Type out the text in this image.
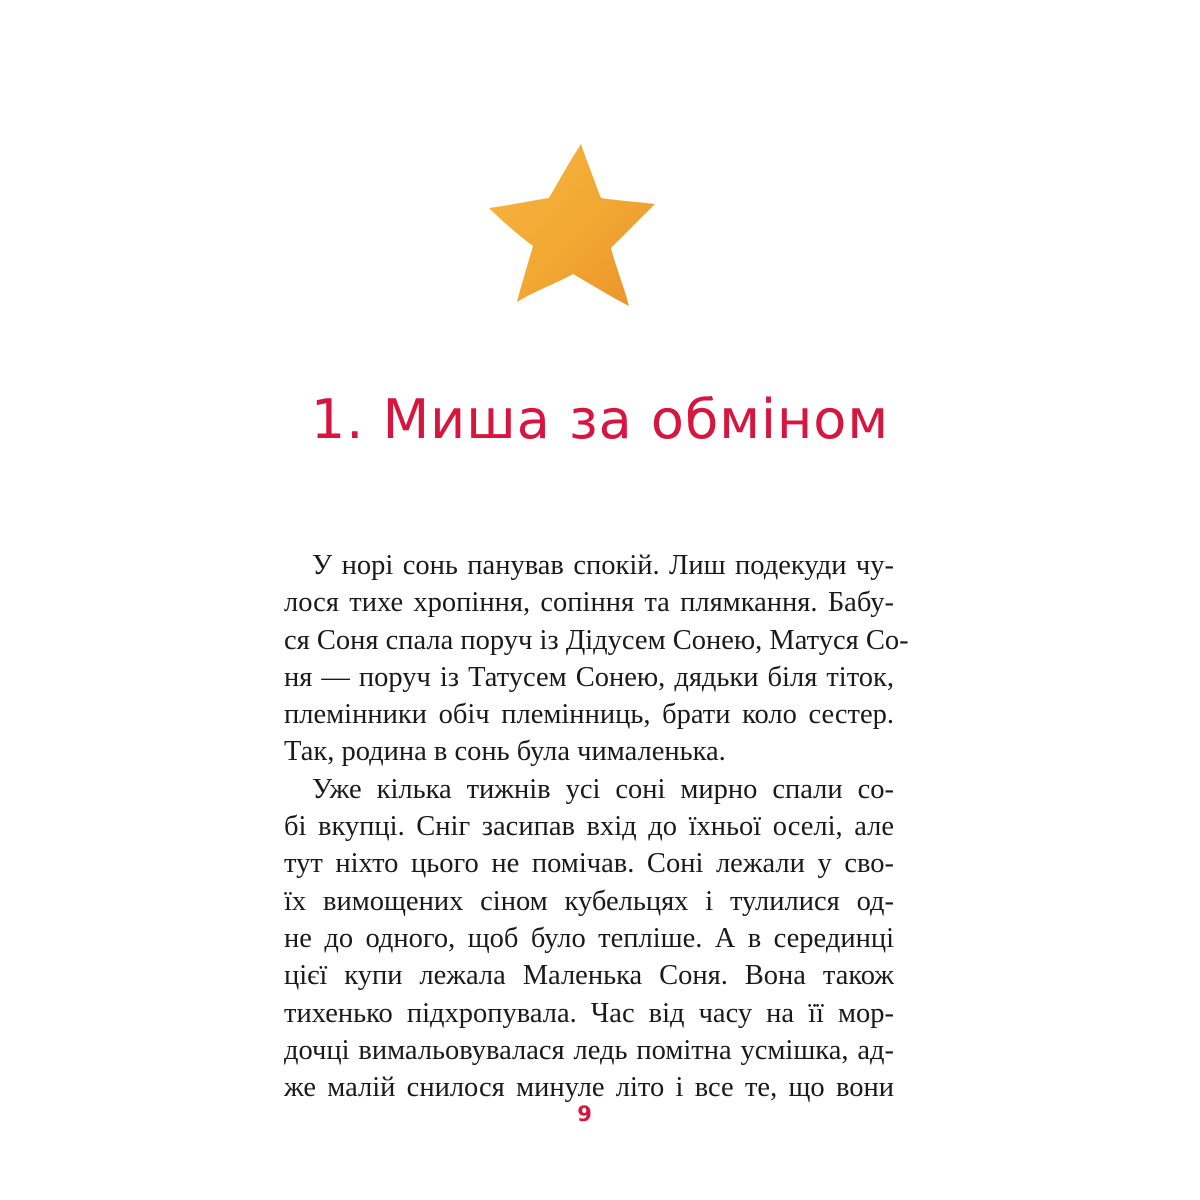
1. Миша за обміном
У норі сонь панував спокій. Лиш подекуди чу-
лося тихе хропіння, сопіння та плямкання. Бабу-
ся Соня спала поруч із Дідусем Сонею, Матуся Со-
ня — поруч із Татусем Сонею, дядьки біля тіток,
племінники обіч племінниць, брати коло сестер.
Так, родина в сонь була чималенька.
Уже кілька тижнів усі соні мирно спали со-
бі вкупці. Сніг засипав вхід до їхньої оселі, але
тут ніхто цього не помічав. Соні лежали у сво-
їх вимощених сіном кубельцях і тулилися од-
не до одного, щоб було тепліше. А в серединці
цієї купи лежала Маленька Соня. Вона також
тихенько підхропувала. Час від часу на її мор-
дочці вимальовувалася ледь помітна усмішка, ад-
же малій снилося минуле літо і все те, що вони
9
